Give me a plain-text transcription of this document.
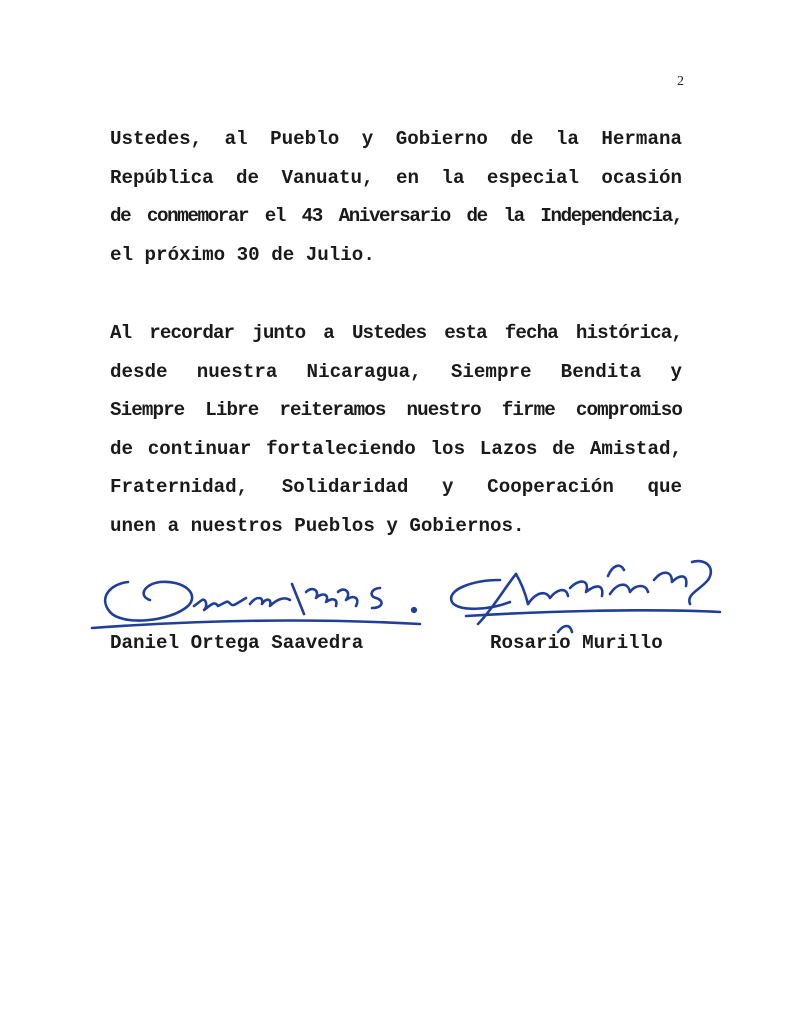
2
Ustedes, al Pueblo y Gobierno de la Hermana
República de Vanuatu, en la especial ocasión
de conmemorar el 43 Aniversario de la Independencia,
el próximo 30 de Julio.
Al recordar junto a Ustedes esta fecha histórica,
desde nuestra Nicaragua, Siempre Bendita y
Siempre Libre reiteramos nuestro firme compromiso
de continuar fortaleciendo los Lazos de Amistad,
Fraternidad, Solidaridad y Cooperación que
unen a nuestros Pueblos y Gobiernos.
Daniel Ortega Saavedra	Rosario Murillo
